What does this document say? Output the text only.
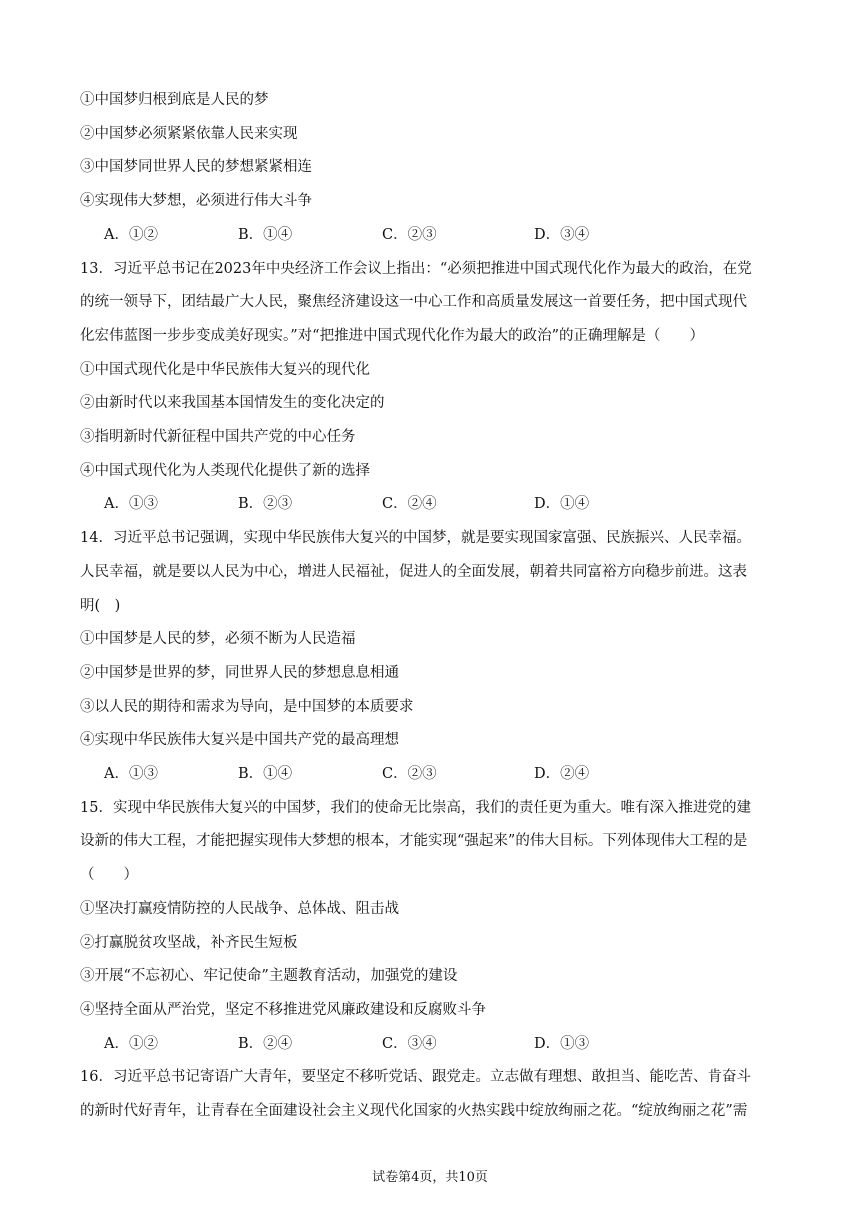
①中国梦归根到底是人民的梦
②中国梦必须紧紧依靠人民来实现
③中国梦同世界人民的梦想紧紧相连
④实现伟大梦想，必须进行伟大斗争
A．①②	B．①④	C．②③	D．③④
13．习近平总书记在2023年中央经济工作会议上指出：“必须把推进中国式现代化作为最大的政治，在党
的统一领导下，团结最广大人民，聚焦经济建设这一中心工作和高质量发展这一首要任务，把中国式现代
化宏伟蓝图一步步变成美好现实。”对“把推进中国式现代化作为最大的政治”的正确理解是（　　）
①中国式现代化是中华民族伟大复兴的现代化
②由新时代以来我国基本国情发生的变化决定的
③指明新时代新征程中国共产党的中心任务
④中国式现代化为人类现代化提供了新的选择
A．①③	B．②③	C．②④	D．①④
14．习近平总书记强调，实现中华民族伟大复兴的中国梦，就是要实现国家富强、民族振兴、人民幸福。
人民幸福，就是要以人民为中心，增进人民福祉，促进人的全面发展，朝着共同富裕方向稳步前进。这表
明(　)
①中国梦是人民的梦，必须不断为人民造福
②中国梦是世界的梦，同世界人民的梦想息息相通
③以人民的期待和需求为导向，是中国梦的本质要求
④实现中华民族伟大复兴是中国共产党的最高理想
A．①③	B．①④	C．②③	D．②④
15．实现中华民族伟大复兴的中国梦，我们的使命无比崇高，我们的责任更为重大。唯有深入推进党的建
设新的伟大工程，才能把握实现伟大梦想的根本，才能实现“强起来”的伟大目标。下列体现伟大工程的是
（　　）
①坚决打赢疫情防控的人民战争、总体战、阻击战
②打赢脱贫攻坚战，补齐民生短板
③开展“不忘初心、牢记使命”主题教育活动，加强党的建设
④坚持全面从严治党，坚定不移推进党风廉政建设和反腐败斗争
A．①②	B．②④	C．③④	D．①③
16．习近平总书记寄语广大青年，要坚定不移听党话、跟党走。立志做有理想、敢担当、能吃苦、肯奋斗
的新时代好青年，让青春在全面建设社会主义现代化国家的火热实践中绽放绚丽之花。“绽放绚丽之花”需
试卷第4页，共10页
